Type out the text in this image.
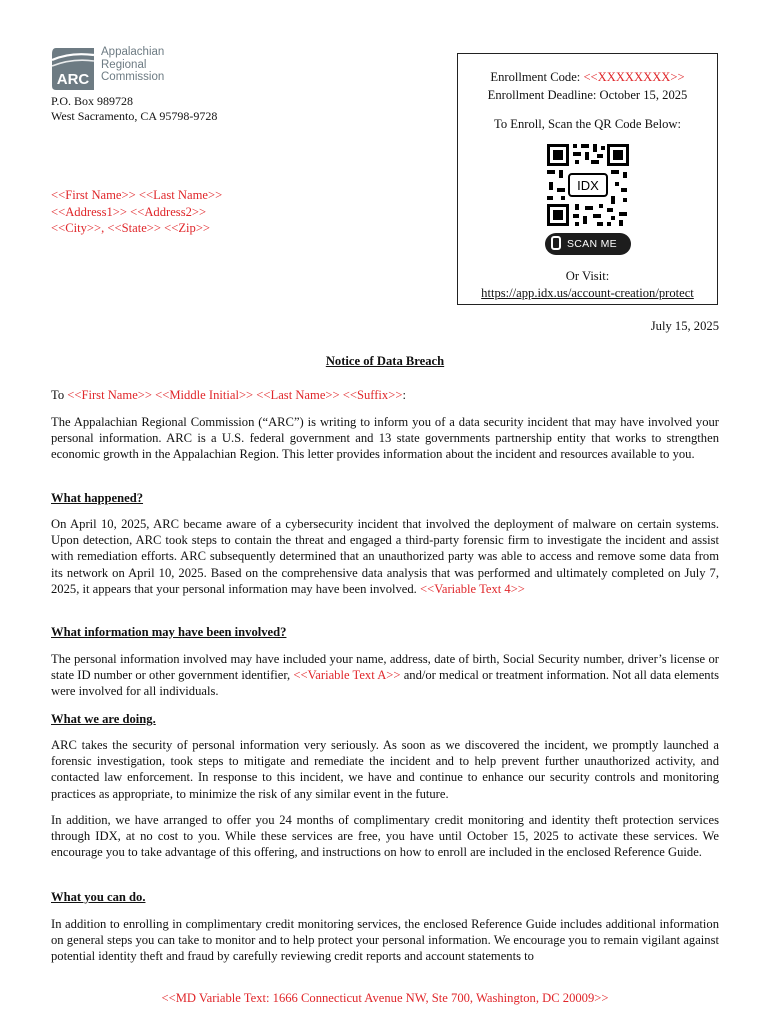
ARC
Appalachian
Regional
Commission
P.O. Box 989728
West Sacramento, CA 95798-9728
Enrollment Code: <<XXXXXXXX>>
Enrollment Deadline: October 15, 2025
To Enroll, Scan the QR Code Below:
IDX
SCAN ME
Or Visit:
https://app.idx.us/account-creation/protect
<<First Name>> <<Last Name>>
<<Address1>> <<Address2>>
<<City>>, <<State>> <<Zip>>
July 15, 2025
Notice of Data Breach
To <<First Name>> <<Middle Initial>> <<Last Name>> <<Suffix>>:
The Appalachian Regional Commission (“ARC”) is writing to inform you of a data security incident that may have involved your personal information. ARC is a U.S. federal government and 13 state governments partnership entity that works to strengthen economic growth in the Appalachian Region. This letter provides information about the incident and resources available to you.
What happened?
On April 10, 2025, ARC became aware of a cybersecurity incident that involved the deployment of malware on certain systems. Upon detection, ARC took steps to contain the threat and engaged a third-party forensic firm to investigate the incident and assist with remediation efforts. ARC subsequently determined that an unauthorized party was able to access and remove some data from its network on April 10, 2025. Based on the comprehensive data analysis that was performed and ultimately completed on July 7, 2025, it appears that your personal information may have been involved. <<Variable Text 4>>
What information may have been involved?
The personal information involved may have included your name, address, date of birth, Social Security number, driver’s license or state ID number or other government identifier, <<Variable Text A>> and/or medical or treatment information. Not all data elements were involved for all individuals.
What we are doing.
ARC takes the security of personal information very seriously. As soon as we discovered the incident, we promptly launched a forensic investigation, took steps to mitigate and remediate the incident and to help prevent further unauthorized activity, and contacted law enforcement. In response to this incident, we have and continue to enhance our security controls and monitoring practices as appropriate, to minimize the risk of any similar event in the future.
In addition, we have arranged to offer you 24 months of complimentary credit monitoring and identity theft protection services through IDX, at no cost to you. While these services are free, you have until October 15, 2025 to activate these services. We encourage you to take advantage of this offering, and instructions on how to enroll are included in the enclosed Reference Guide.
What you can do.
In addition to enrolling in complimentary credit monitoring services, the enclosed Reference Guide includes additional information on general steps you can take to monitor and to help protect your personal information. We encourage you to remain vigilant against potential identity theft and fraud by carefully reviewing credit reports and account statements to
<<MD Variable Text: 1666 Connecticut Avenue NW, Ste 700, Washington, DC 20009>>
